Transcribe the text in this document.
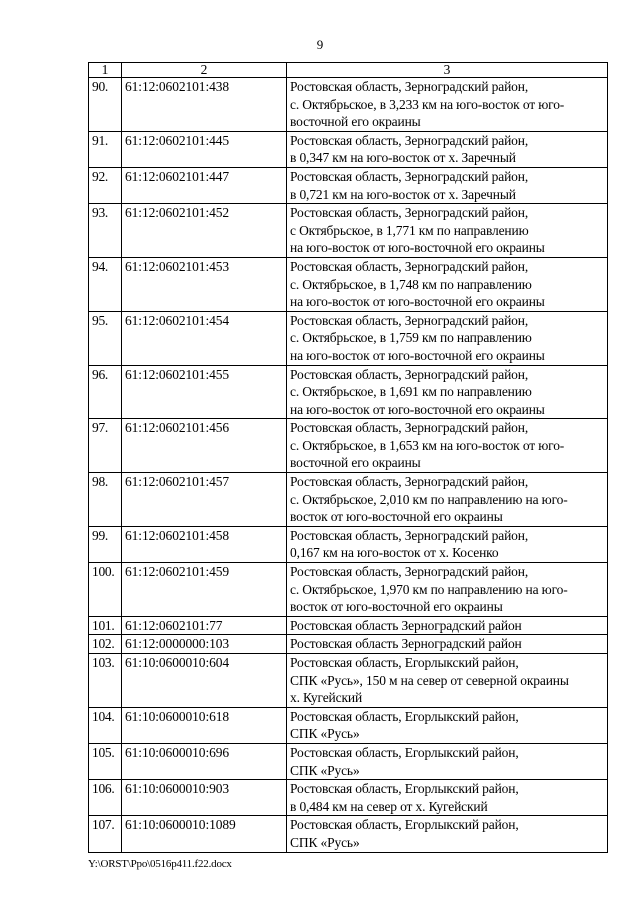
9
1	2	3
90.	61:12:0602101:438	Ростовская область, Зерноградский район,
с. Октябрьское, в 3,233 км на юго-восток от юго-
восточной его окраины
91.	61:12:0602101:445	Ростовская область, Зерноградский район,
в 0,347 км на юго-восток от х. Заречный
92.	61:12:0602101:447	Ростовская область, Зерноградский район,
в 0,721 км на юго-восток от х. Заречный
93.	61:12:0602101:452	Ростовская область, Зерноградский район,
с Октябрьское, в 1,771 км по направлению
на юго-восток от юго-восточной его окраины
94.	61:12:0602101:453	Ростовская область, Зерноградский район,
с. Октябрьское, в 1,748 км по направлению
на юго-восток от юго-восточной его окраины
95.	61:12:0602101:454	Ростовская область, Зерноградский район,
с. Октябрьское, в 1,759 км по направлению
на юго-восток от юго-восточной его окраины
96.	61:12:0602101:455	Ростовская область, Зерноградский район,
с. Октябрьское, в 1,691 км по направлению
на юго-восток от юго-восточной его окраины
97.	61:12:0602101:456	Ростовская область, Зерноградский район,
с. Октябрьское, в 1,653 км на юго-восток от юго-
восточной его окраины
98.	61:12:0602101:457	Ростовская область, Зерноградский район,
с. Октябрьское, 2,010 км по направлению на юго-
восток от юго-восточной его окраины
99.	61:12:0602101:458	Ростовская область, Зерноградский район,
0,167 км на юго-восток от х. Косенко
100.	61:12:0602101:459	Ростовская область, Зерноградский район,
с. Октябрьское, 1,970 км по направлению на юго-
восток от юго-восточной его окраины
101.	61:12:0602101:77	Ростовская область Зерноградский район
102.	61:12:0000000:103	Ростовская область Зерноградский район
103.	61:10:0600010:604	Ростовская область, Егорлыкский район,
СПК «Русь», 150 м на север от северной окраины
х. Кугейский
104.	61:10:0600010:618	Ростовская область, Егорлыкский район,
СПК «Русь»
105.	61:10:0600010:696	Ростовская область, Егорлыкский район,
СПК «Русь»
106.	61:10:0600010:903	Ростовская область, Егорлыкский район,
в 0,484 км на север от х. Кугейский
107.	61:10:0600010:1089	Ростовская область, Егорлыкский район,
СПК «Русь»
Y:\ORST\Ppo\0516p411.f22.docx
